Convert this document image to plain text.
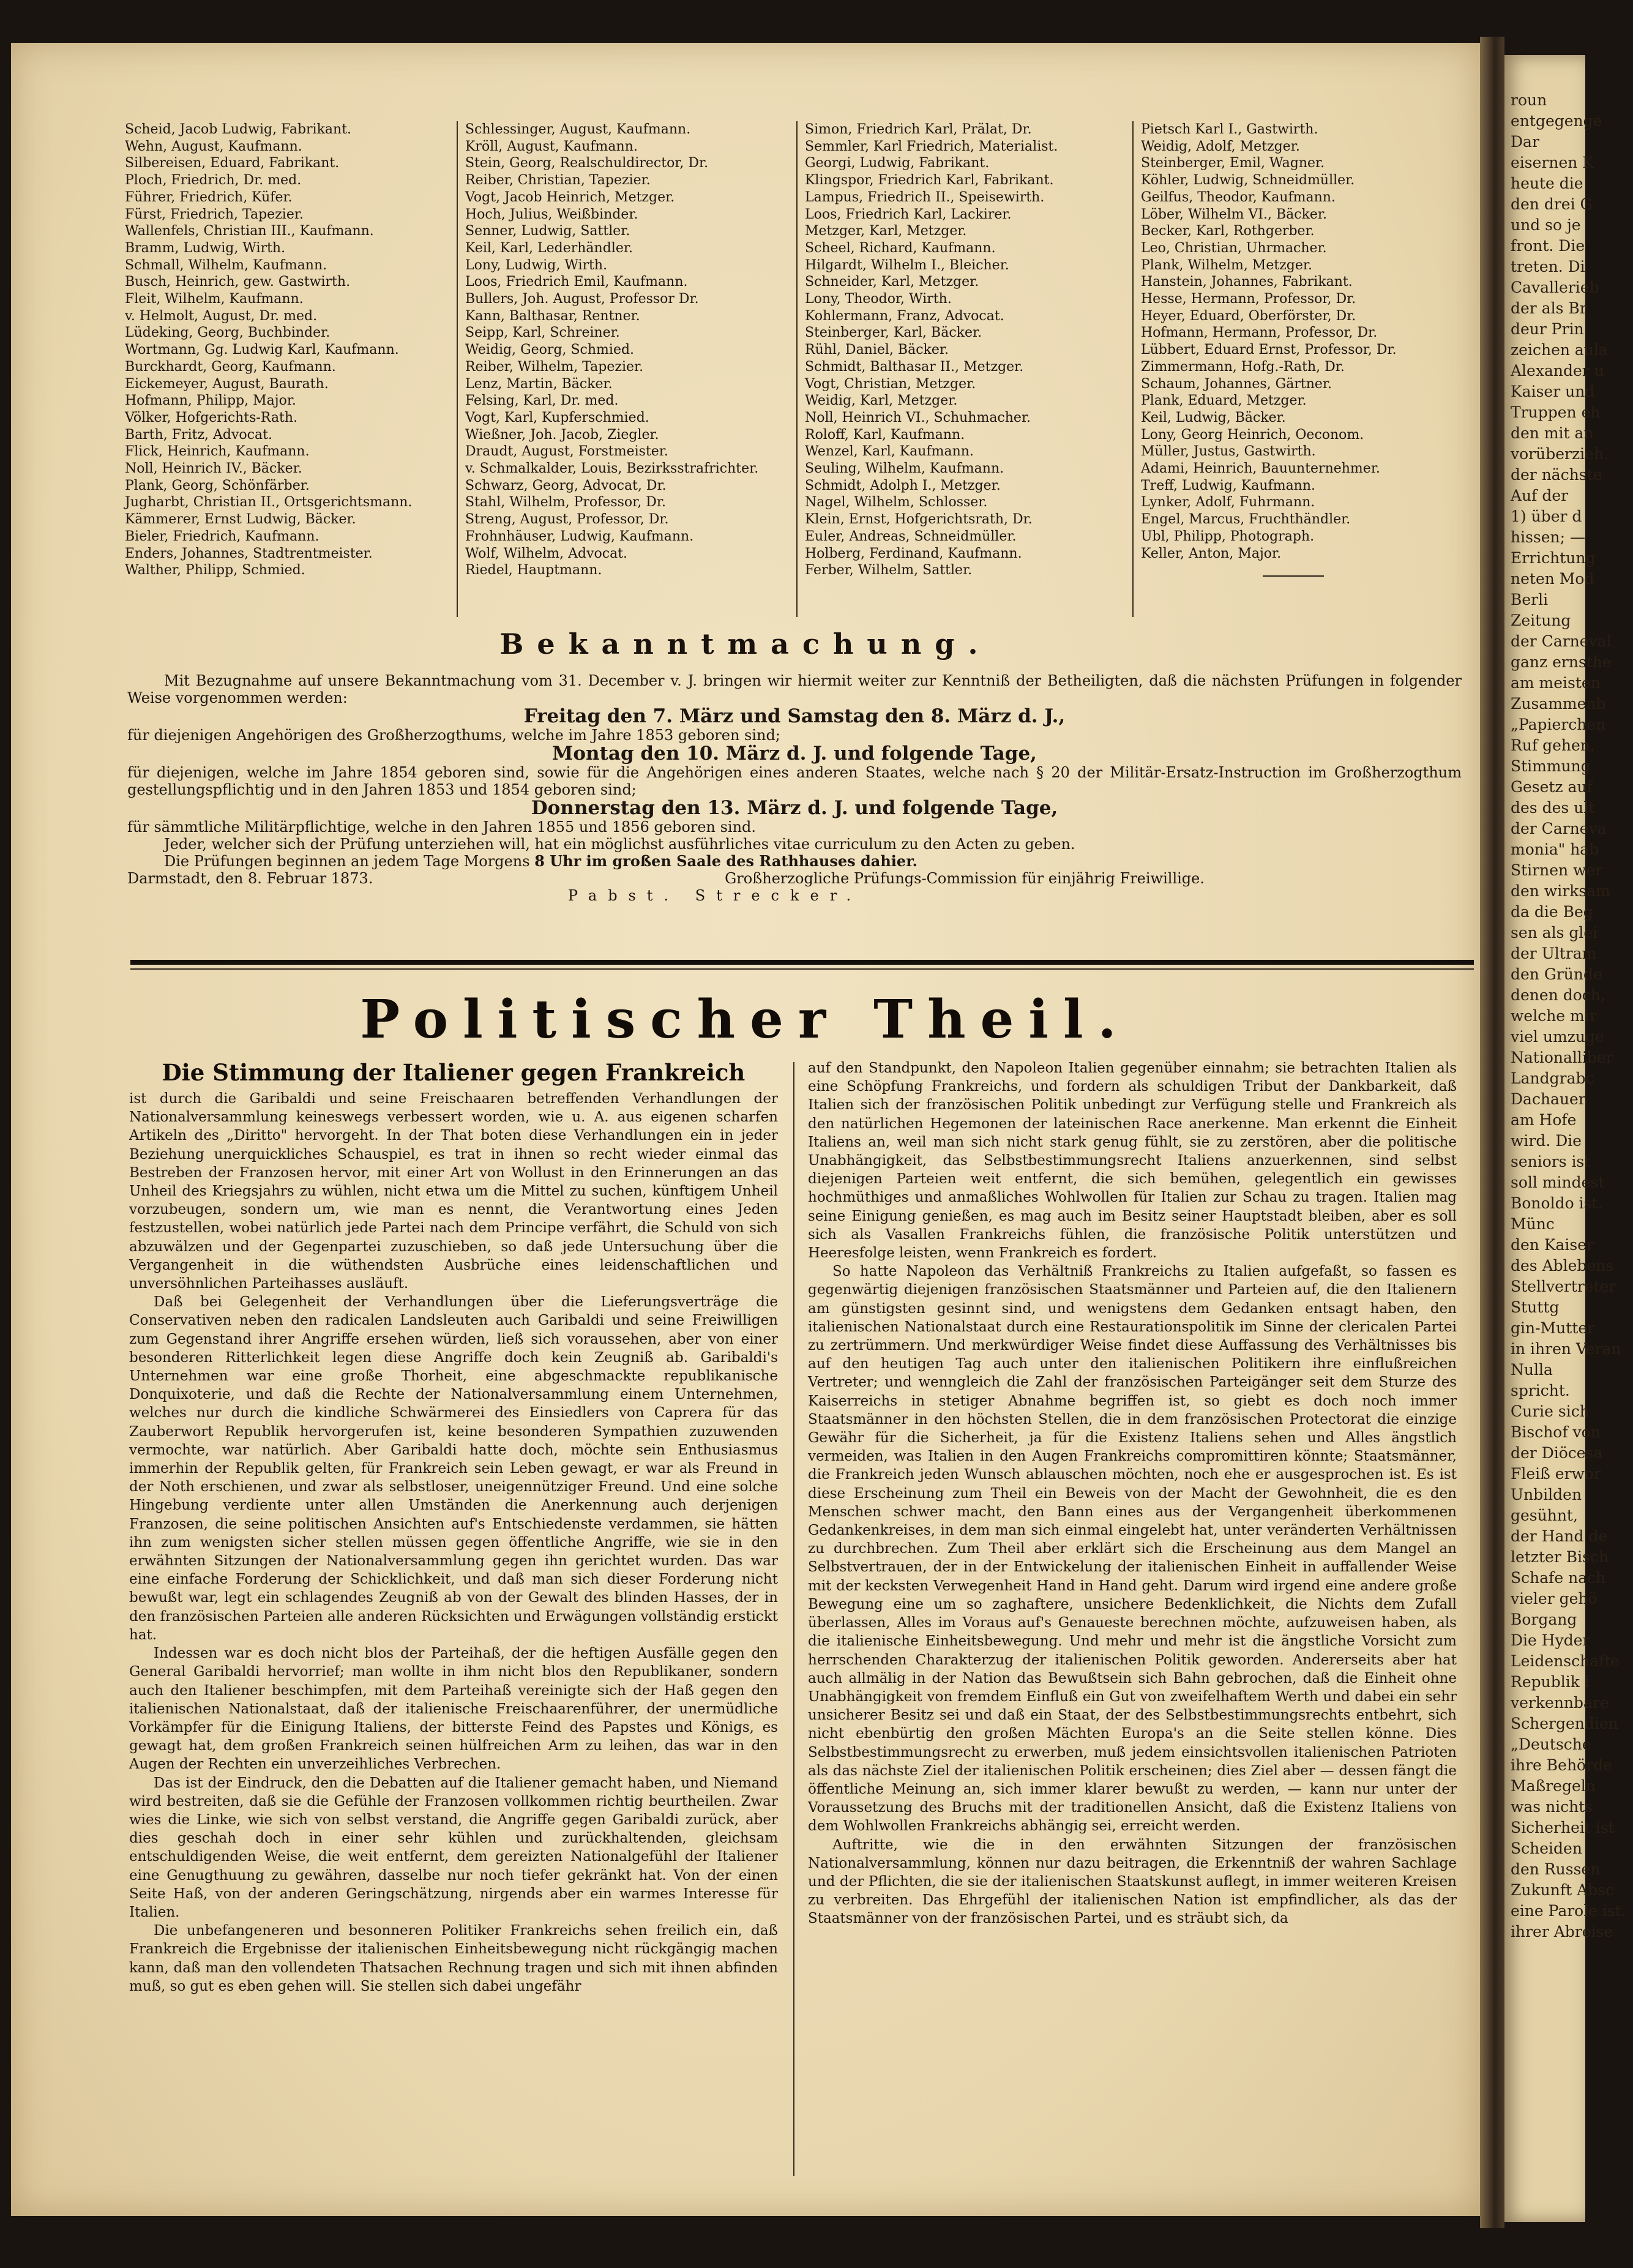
Scheid, Jacob Ludwig, Fabrikant.
Wehn, August, Kaufmann.
Silbereisen, Eduard, Fabrikant.
Ploch, Friedrich, Dr. med.
Führer, Friedrich, Küfer.
Fürst, Friedrich, Tapezier.
Wallenfels, Christian III., Kaufmann.
Bramm, Ludwig, Wirth.
Schmall, Wilhelm, Kaufmann.
Busch, Heinrich, gew. Gastwirth.
Fleit, Wilhelm, Kaufmann.
v. Helmolt, August, Dr. med.
Lüdeking, Georg, Buchbinder.
Wortmann, Gg. Ludwig Karl, Kaufmann.
Burckhardt, Georg, Kaufmann.
Eickemeyer, August, Baurath.
Hofmann, Philipp, Major.
Völker, Hofgerichts-Rath.
Barth, Fritz, Advocat.
Flick, Heinrich, Kaufmann.
Noll, Heinrich IV., Bäcker.
Plank, Georg, Schönfärber.
Jugharbt, Christian II., Ortsgerichtsmann.
Kämmerer, Ernst Ludwig, Bäcker.
Bieler, Friedrich, Kaufmann.
Enders, Johannes, Stadtrentmeister.
Walther, Philipp, Schmied.
Schlessinger, August, Kaufmann.
Kröll, August, Kaufmann.
Stein, Georg, Realschuldirector, Dr.
Reiber, Christian, Tapezier.
Vogt, Jacob Heinrich, Metzger.
Hoch, Julius, Weißbinder.
Senner, Ludwig, Sattler.
Keil, Karl, Lederhändler.
Lony, Ludwig, Wirth.
Loos, Friedrich Emil, Kaufmann.
Bullers, Joh. August, Professor Dr.
Kann, Balthasar, Rentner.
Seipp, Karl, Schreiner.
Weidig, Georg, Schmied.
Reiber, Wilhelm, Tapezier.
Lenz, Martin, Bäcker.
Felsing, Karl, Dr. med.
Vogt, Karl, Kupferschmied.
Wießner, Joh. Jacob, Ziegler.
Draudt, August, Forstmeister.
v. Schmalkalder, Louis, Bezirksstrafrichter.
Schwarz, Georg, Advocat, Dr.
Stahl, Wilhelm, Professor, Dr.
Streng, August, Professor, Dr.
Frohnhäuser, Ludwig, Kaufmann.
Wolf, Wilhelm, Advocat.
Riedel, Hauptmann.
Simon, Friedrich Karl, Prälat, Dr.
Semmler, Karl Friedrich, Materialist.
Georgi, Ludwig, Fabrikant.
Klingspor, Friedrich Karl, Fabrikant.
Lampus, Friedrich II., Speisewirth.
Loos, Friedrich Karl, Lackirer.
Metzger, Karl, Metzger.
Scheel, Richard, Kaufmann.
Hilgardt, Wilhelm I., Bleicher.
Schneider, Karl, Metzger.
Lony, Theodor, Wirth.
Kohlermann, Franz, Advocat.
Steinberger, Karl, Bäcker.
Rühl, Daniel, Bäcker.
Schmidt, Balthasar II., Metzger.
Vogt, Christian, Metzger.
Weidig, Karl, Metzger.
Noll, Heinrich VI., Schuhmacher.
Roloff, Karl, Kaufmann.
Wenzel, Karl, Kaufmann.
Seuling, Wilhelm, Kaufmann.
Schmidt, Adolph I., Metzger.
Nagel, Wilhelm, Schlosser.
Klein, Ernst, Hofgerichtsrath, Dr.
Euler, Andreas, Schneidmüller.
Holberg, Ferdinand, Kaufmann.
Ferber, Wilhelm, Sattler.
Pietsch Karl I., Gastwirth.
Weidig, Adolf, Metzger.
Steinberger, Emil, Wagner.
Köhler, Ludwig, Schneidmüller.
Geilfus, Theodor, Kaufmann.
Löber, Wilhelm VI., Bäcker.
Becker, Karl, Rothgerber.
Leo, Christian, Uhrmacher.
Plank, Wilhelm, Metzger.
Hanstein, Johannes, Fabrikant.
Hesse, Hermann, Professor, Dr.
Heyer, Eduard, Oberförster, Dr.
Hofmann, Hermann, Professor, Dr.
Lübbert, Eduard Ernst, Professor, Dr.
Zimmermann, Hofg.-Rath, Dr.
Schaum, Johannes, Gärtner.
Plank, Eduard, Metzger.
Keil, Ludwig, Bäcker.
Lony, Georg Heinrich, Oeconom.
Müller, Justus, Gastwirth.
Adami, Heinrich, Bauunternehmer.
Treff, Ludwig, Kaufmann.
Lynker, Adolf, Fuhrmann.
Engel, Marcus, Fruchthändler.
Ubl, Philipp, Photograph.
Keller, Anton, Major.
Bekanntmachung.
Mit Bezugnahme auf unsere Bekanntmachung vom 31. December v. J. bringen wir hiermit weiter zur Kenntniß der Betheiligten, daß die nächsten Prüfungen in folgender Weise vorgenommen werden:
Freitag den 7. März und Samstag den 8. März d. J.,
für diejenigen Angehörigen des Großherzogthums, welche im Jahre 1853 geboren sind;
Montag den 10. März d. J. und folgende Tage,
für diejenigen, welche im Jahre 1854 geboren sind, sowie für die Angehörigen eines anderen Staates, welche nach § 20 der Militär-Ersatz-Instruction im Großherzogthum gestellungspflichtig und in den Jahren 1853 und 1854 geboren sind;
Donnerstag den 13. März d. J. und folgende Tage,
für sämmtliche Militärpflichtige, welche in den Jahren 1855 und 1856 geboren sind.
Jeder, welcher sich der Prüfung unterziehen will, hat ein möglichst ausführliches vitae curriculum zu den Acten zu geben.
Die Prüfungen beginnen an jedem Tage Morgens 8 Uhr im großen Saale des Rathhauses dahier.
Darmstadt, den 8. Februar 1873.	Großherzogliche Prüfungs-Commission für einjährig Freiwillige.
Pabst. Strecker.
Politischer Theil.
Die Stimmung der Italiener gegen Frankreich

ist durch die Garibaldi und seine Freischaaren betreffenden Verhandlungen der Nationalversammlung keineswegs verbessert worden, wie u. A. aus eigenen scharfen Artikeln des „Diritto" hervorgeht. In der That boten diese Verhandlungen ein in jeder Beziehung unerquickliches Schauspiel, es trat in ihnen so recht wieder einmal das Bestreben der Franzosen hervor, mit einer Art von Wollust in den Erinnerungen an das Unheil des Kriegsjahrs zu wühlen, nicht etwa um die Mittel zu suchen, künftigem Unheil vorzubeugen, sondern um, wie man es nennt, die Verantwortung eines Jeden festzustellen, wobei natürlich jede Partei nach dem Principe verfährt, die Schuld von sich abzuwälzen und der Gegenpartei zuzuschieben, so daß jede Untersuchung über die Vergangenheit in die wüthendsten Ausbrüche eines leidenschaftlichen und unversöhnlichen Parteihasses ausläuft.

Daß bei Gelegenheit der Verhandlungen über die Lieferungsverträge die Conservativen neben den radicalen Landsleuten auch Garibaldi und seine Freiwilligen zum Gegenstand ihrer Angriffe ersehen würden, ließ sich voraussehen, aber von einer besonderen Ritterlichkeit legen diese Angriffe doch kein Zeugniß ab. Garibaldi's Unternehmen war eine große Thorheit, eine abgeschmackte republikanische Donquixoterie, und daß die Rechte der Nationalversammlung einem Unternehmen, welches nur durch die kindliche Schwärmerei des Einsiedlers von Caprera für das Zauberwort Republik hervorgerufen ist, keine besonderen Sympathien zuzuwenden vermochte, war natürlich. Aber Garibaldi hatte doch, möchte sein Enthusiasmus immerhin der Republik gelten, für Frankreich sein Leben gewagt, er war als Freund in der Noth erschienen, und zwar als selbstloser, uneigennütziger Freund. Und eine solche Hingebung verdiente unter allen Umständen die Anerkennung auch derjenigen Franzosen, die seine politischen Ansichten auf's Entschiedenste verdammen, sie hätten ihn zum wenigsten sicher stellen müssen gegen öffentliche Angriffe, wie sie in den erwähnten Sitzungen der Nationalversammlung gegen ihn gerichtet wurden. Das war eine einfache Forderung der Schicklichkeit, und daß man sich dieser Forderung nicht bewußt war, legt ein schlagendes Zeugniß ab von der Gewalt des blinden Hasses, der in den französischen Parteien alle anderen Rücksichten und Erwägungen vollständig erstickt hat.

Indessen war es doch nicht blos der Parteihaß, der die heftigen Ausfälle gegen den General Garibaldi hervorrief; man wollte in ihm nicht blos den Republikaner, sondern auch den Italiener beschimpfen, mit dem Parteihaß vereinigte sich der Haß gegen den italienischen Nationalstaat, daß der italienische Freischaarenführer, der unermüdliche Vorkämpfer für die Einigung Italiens, der bitterste Feind des Papstes und Königs, es gewagt hat, dem großen Frankreich seinen hülfreichen Arm zu leihen, das war in den Augen der Rechten ein unverzeihliches Verbrechen.

Das ist der Eindruck, den die Debatten auf die Italiener gemacht haben, und Niemand wird bestreiten, daß sie die Gefühle der Franzosen vollkommen richtig beurtheilen. Zwar wies die Linke, wie sich von selbst verstand, die Angriffe gegen Garibaldi zurück, aber dies geschah doch in einer sehr kühlen und zurückhaltenden, gleichsam entschuldigenden Weise, die weit entfernt, dem gereizten Nationalgefühl der Italiener eine Genugthuung zu gewähren, dasselbe nur noch tiefer gekränkt hat. Von der einen Seite Haß, von der anderen Geringschätzung, nirgends aber ein warmes Interesse für Italien.

Die unbefangeneren und besonneren Politiker Frankreichs sehen freilich ein, daß Frankreich die Ergebnisse der italienischen Einheitsbewegung nicht rückgängig machen kann, daß man den vollendeten Thatsachen Rechnung tragen und sich mit ihnen abfinden muß, so gut es eben gehen will. Sie stellen sich dabei ungefähr

auf den Standpunkt, den Napoleon Italien gegenüber einnahm; sie betrachten Italien als eine Schöpfung Frankreichs, und fordern als schuldigen Tribut der Dankbarkeit, daß Italien sich der französischen Politik unbedingt zur Verfügung stelle und Frankreich als den natürlichen Hegemonen der lateinischen Race anerkenne. Man erkennt die Einheit Italiens an, weil man sich nicht stark genug fühlt, sie zu zerstören, aber die politische Unabhängigkeit, das Selbstbestimmungsrecht Italiens anzuerkennen, sind selbst diejenigen Parteien weit entfernt, die sich bemühen, gelegentlich ein gewisses hochmüthiges und anmaßliches Wohlwollen für Italien zur Schau zu tragen. Italien mag seine Einigung genießen, es mag auch im Besitz seiner Hauptstadt bleiben, aber es soll sich als Vasallen Frankreichs fühlen, die französische Politik unterstützen und Heeresfolge leisten, wenn Frankreich es fordert.

So hatte Napoleon das Verhältniß Frankreichs zu Italien aufgefaßt, so fassen es gegenwärtig diejenigen französischen Staatsmänner und Parteien auf, die den Italienern am günstigsten gesinnt sind, und wenigstens dem Gedanken entsagt haben, den italienischen Nationalstaat durch eine Restaurationspolitik im Sinne der clericalen Partei zu zertrümmern. Und merkwürdiger Weise findet diese Auffassung des Verhältnisses bis auf den heutigen Tag auch unter den italienischen Politikern ihre einflußreichen Vertreter; und wenngleich die Zahl der französischen Parteigänger seit dem Sturze des Kaiserreichs in stetiger Abnahme begriffen ist, so giebt es doch noch immer Staatsmänner in den höchsten Stellen, die in dem französischen Protectorat die einzige Gewähr für die Sicherheit, ja für die Existenz Italiens sehen und Alles ängstlich vermeiden, was Italien in den Augen Frankreichs compromittiren könnte; Staatsmänner, die Frankreich jeden Wunsch ablauschen möchten, noch ehe er ausgesprochen ist. Es ist diese Erscheinung zum Theil ein Beweis von der Macht der Gewohnheit, die es den Menschen schwer macht, den Bann eines aus der Vergangenheit überkommenen Gedankenkreises, in dem man sich einmal eingelebt hat, unter veränderten Verhältnissen zu durchbrechen. Zum Theil aber erklärt sich die Erscheinung aus dem Mangel an Selbstvertrauen, der in der Entwickelung der italienischen Einheit in auffallender Weise mit der kecksten Verwegenheit Hand in Hand geht. Darum wird irgend eine andere große Bewegung eine um so zaghaftere, unsichere Bedenklichkeit, die Nichts dem Zufall überlassen, Alles im Voraus auf's Genaueste berechnen möchte, aufzuweisen haben, als die italienische Einheitsbewegung. Und mehr und mehr ist die ängstliche Vorsicht zum herrschenden Charakterzug der italienischen Politik geworden. Andererseits aber hat auch allmälig in der Nation das Bewußtsein sich Bahn gebrochen, daß die Einheit ohne Unabhängigkeit von fremdem Einfluß ein Gut von zweifelhaftem Werth und dabei ein sehr unsicherer Besitz sei und daß ein Staat, der des Selbstbestimmungsrechts entbehrt, sich nicht ebenbürtig den großen Mächten Europa's an die Seite stellen könne. Dies Selbstbestimmungsrecht zu erwerben, muß jedem einsichtsvollen italienischen Patrioten als das nächste Ziel der italienischen Politik erscheinen; dies Ziel aber — dessen fängt die öffentliche Meinung an, sich immer klarer bewußt zu werden, — kann nur unter der Voraussetzung des Bruchs mit der traditionellen Ansicht, daß die Existenz Italiens von dem Wohlwollen Frankreichs abhängig sei, erreicht werden.

Auftritte, wie die in den erwähnten Sitzungen der französischen Nationalversammlung, können nur dazu beitragen, die Erkenntniß der wahren Sachlage und der Pflichten, die sie der italienischen Staatskunst auflegt, in immer weiteren Kreisen zu verbreiten. Das Ehrgefühl der italienischen Nation ist empfindlicher, als das der Staatsmänner von der französischen Partei, und es sträubt sich, da

roun
entgegenge
Dar
eisernen K
heute die
den drei G
und so je
front. Die
treten. Di
Cavallerieb
der als Br
deur Prin
zeichen aula
Alexander u
Kaiser und
Truppen eh
den mit an
vorüberzieh.
der nächste
Auf der
1) über d
hissen; —
Errichtung
neten Mod
Berli
Zeitung
der Carneval
ganz ernsthe
am meisten
Zusammenb
„Papierchen
Ruf gehen,
Stimmung
Gesetz auf
des des ult
der Carneva
monia" hab
Stirnen wer
den wirksam
da die Beg
sen als glei
der Ultram
den Gründe
denen doch,
welche mir
viel umzuge
Nationalliber
Landgrabc
Dachauer
am Hofe
wird. Die
seniors ist
soll mindest
Bonoldo ist.
Münc
den Kaiser
des Ablebens
Stellvertreter
Stuttg
gin-Mutter
in ihren Veran
Nulla
spricht.
Curie sich
Bischof von
der Diöcesa
Fleiß erwor
Unbilden
gesühnt,
der Hand de
letzter Bisch
Schafe nach
vieler gehö
Borgang
Die Hyder
Leidenschafte
Republik i
verkennbare
Schergendien
„Deutsche
ihre Behörde
Maßregeln
was nichts
Sicherheit ist
Scheiden
den Russen
Zukunft Absc
eine Parole ist.
ihrer Abreise
